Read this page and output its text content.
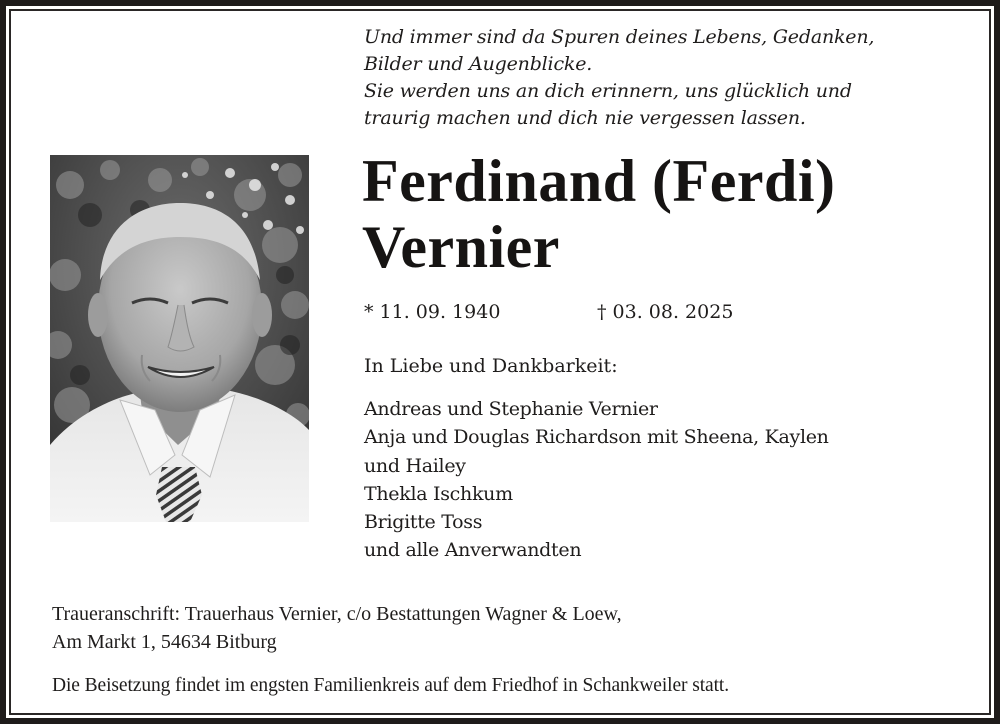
Und immer sind da Spuren deines Lebens, Gedanken,
Bilder und Augenblicke.
Sie werden uns an dich erinnern, uns glücklich und
traurig machen und dich nie vergessen lassen.
Ferdinand (Ferdi)
Vernier
* 11. 09. 1940	† 03. 08. 2025
In Liebe und Dankbarkeit:
Andreas und Stephanie Vernier
Anja und Douglas Richardson mit Sheena, Kaylen
und Hailey
Thekla Ischkum
Brigitte Toss
und alle Anverwandten
Traueranschrift: Trauerhaus Vernier, c/o Bestattungen Wagner & Loew,
Am Markt 1, 54634 Bitburg
Die Beisetzung findet im engsten Familienkreis auf dem Friedhof in Schankweiler statt.
